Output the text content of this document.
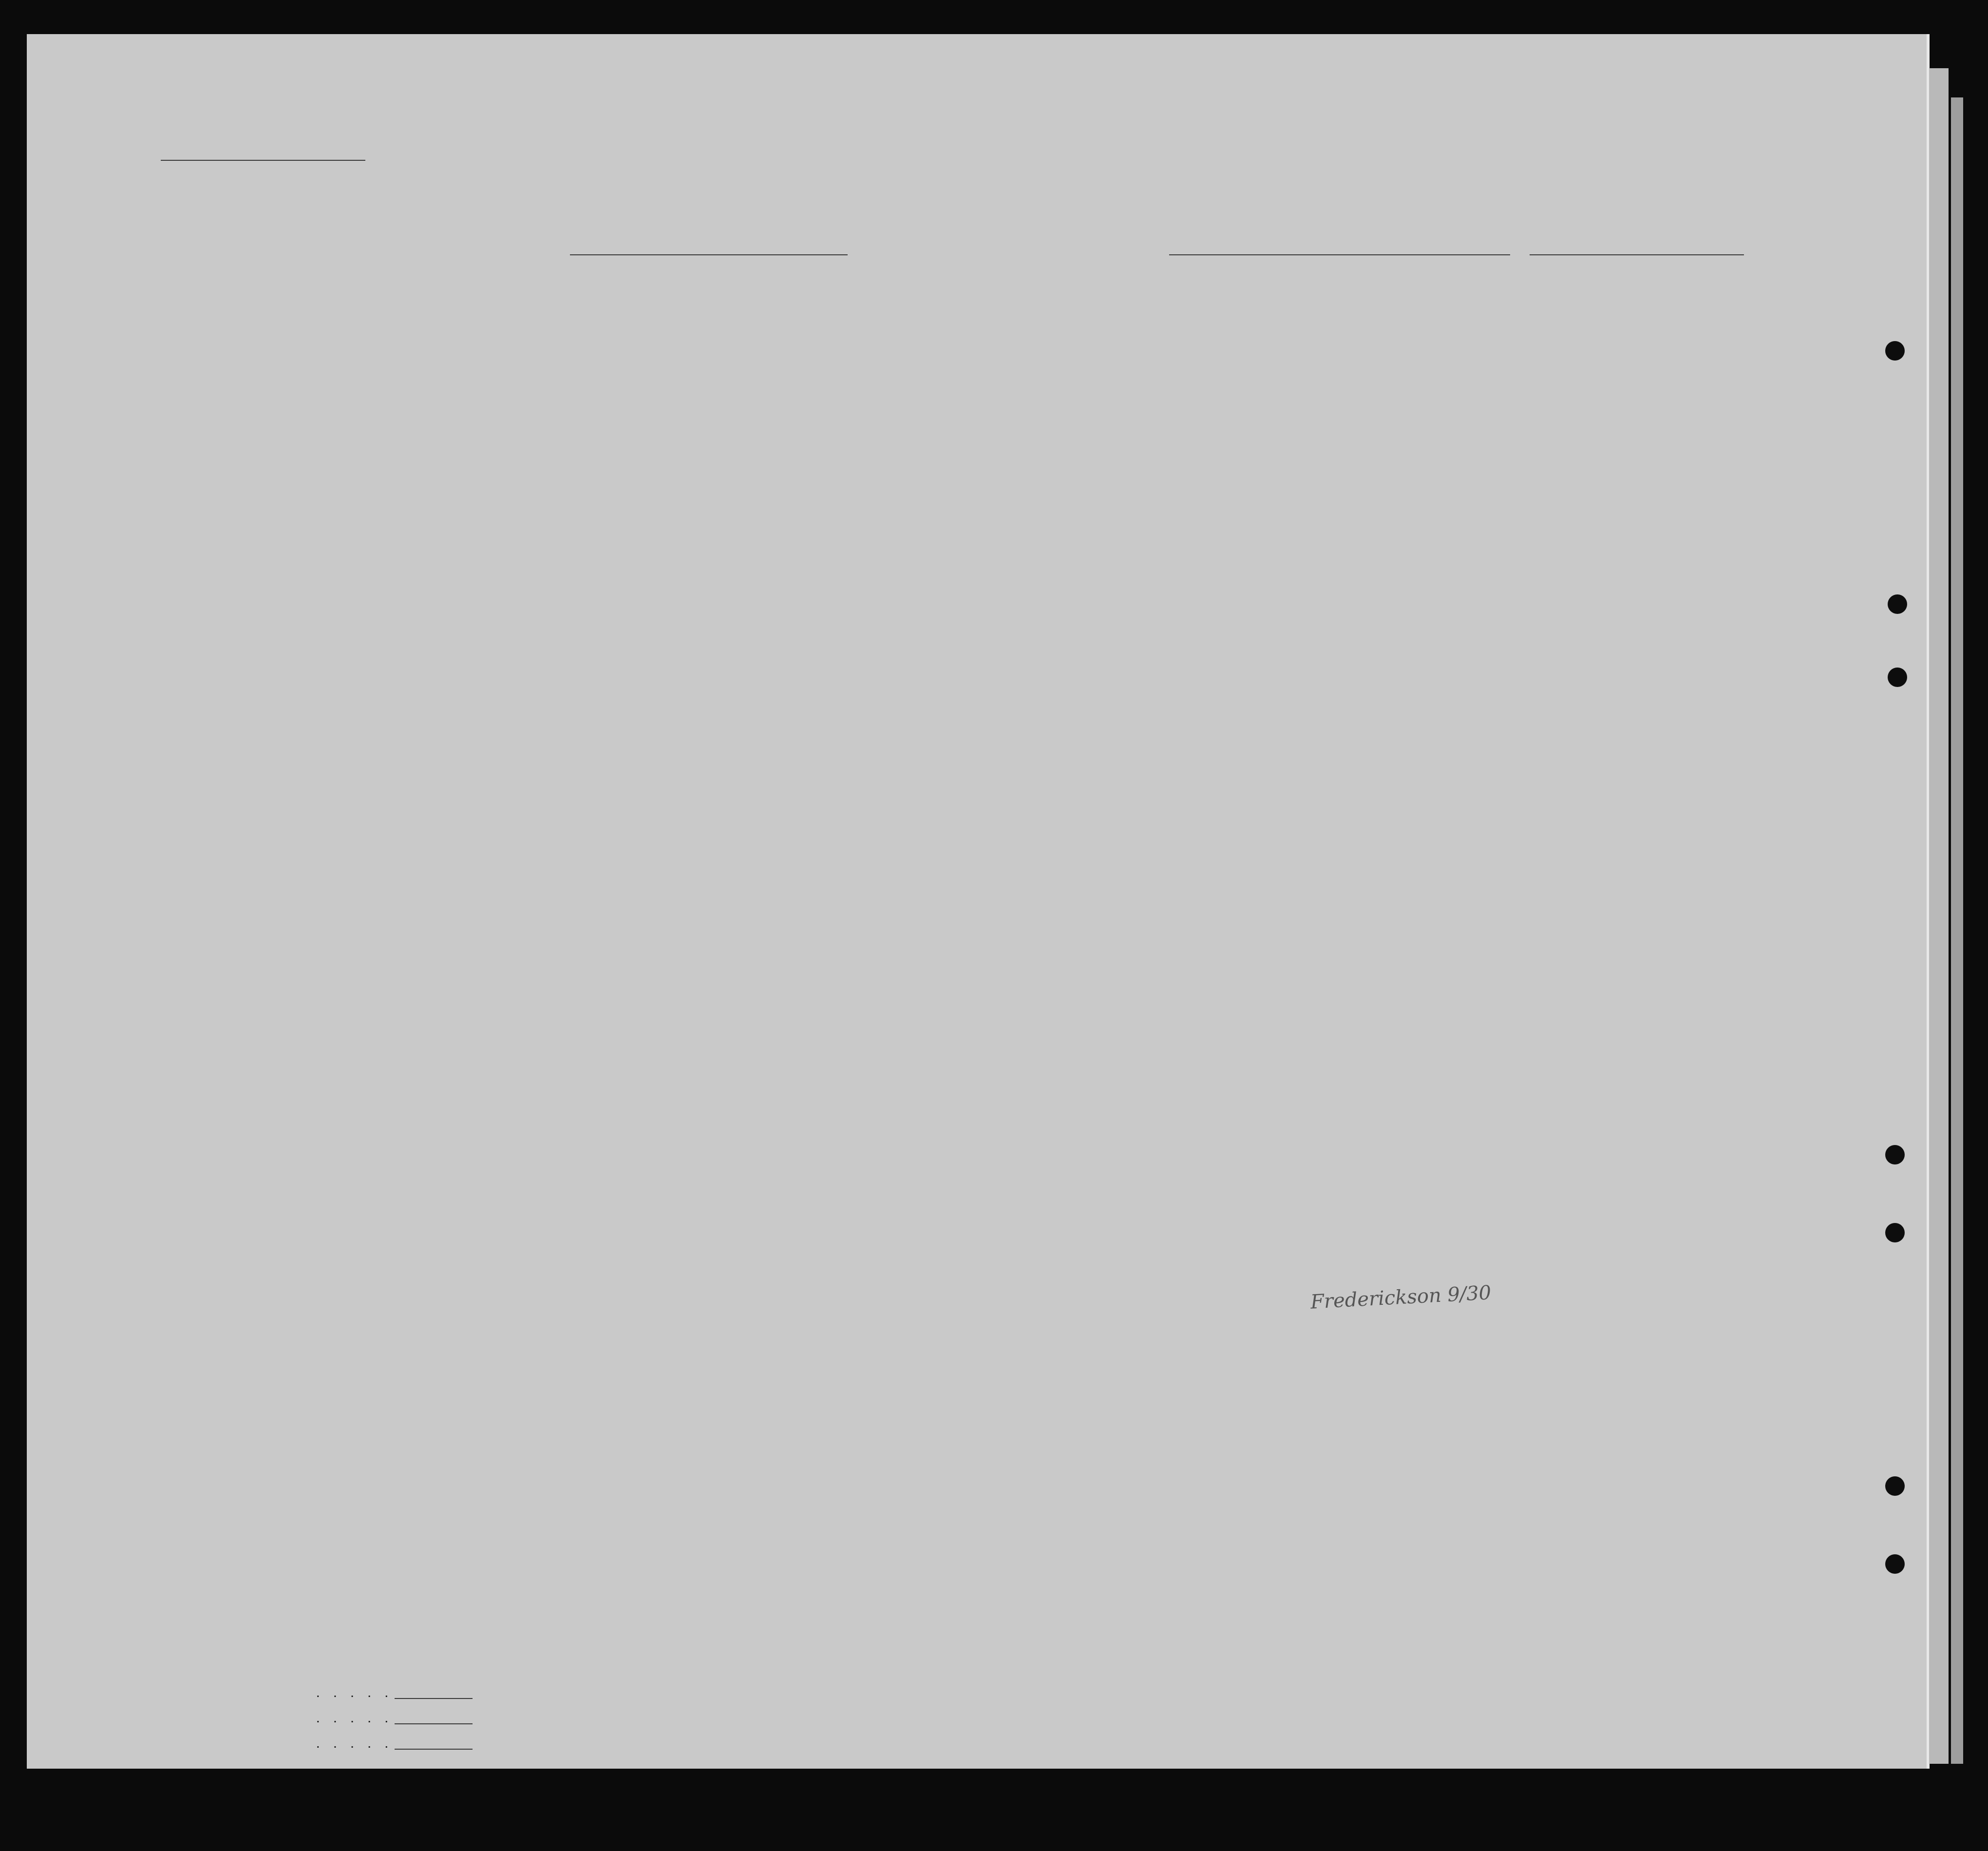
. . . . .
. . . . .
. . . . .
Frederickson 9/30
